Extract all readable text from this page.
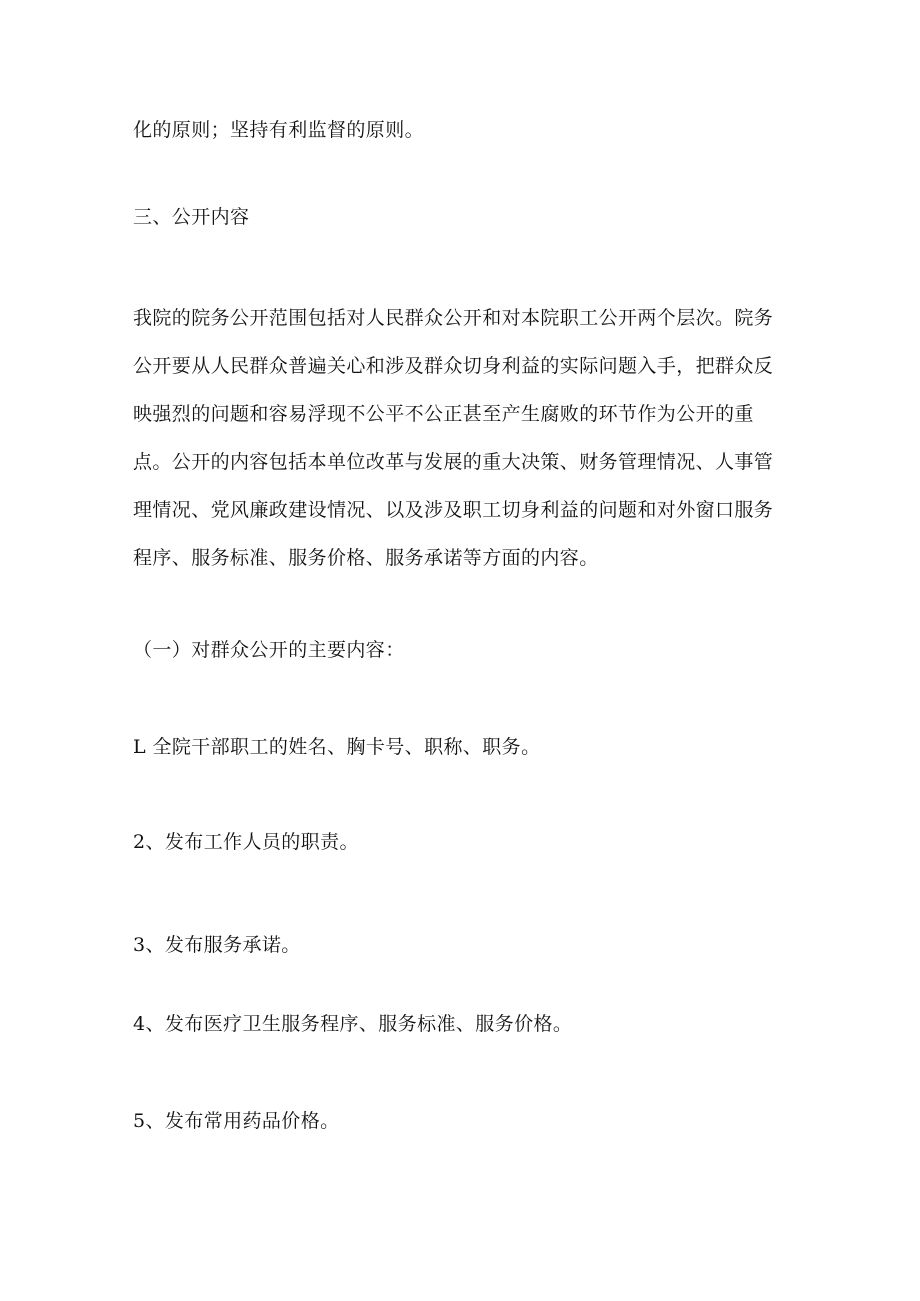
化的原则；坚持有利监督的原则。
三、公开内容
我院的院务公开范围包括对人民群众公开和对本院职工公开两个层次。院务
公开要从人民群众普遍关心和涉及群众切身利益的实际问题入手，把群众反
映强烈的问题和容易浮现不公平不公正甚至产生腐败的环节作为公开的重
点。公开的内容包括本单位改革与发展的重大决策、财务管理情况、人事管
理情况、党风廉政建设情况、以及涉及职工切身利益的问题和对外窗口服务
程序、服务标准、服务价格、服务承诺等方面的内容。
（一）对群众公开的主要内容：
L 全院干部职工的姓名、胸卡号、职称、职务。
2、发布工作人员的职责。
3、发布服务承诺。
4、发布医疗卫生服务程序、服务标准、服务价格。
5、发布常用药品价格。
